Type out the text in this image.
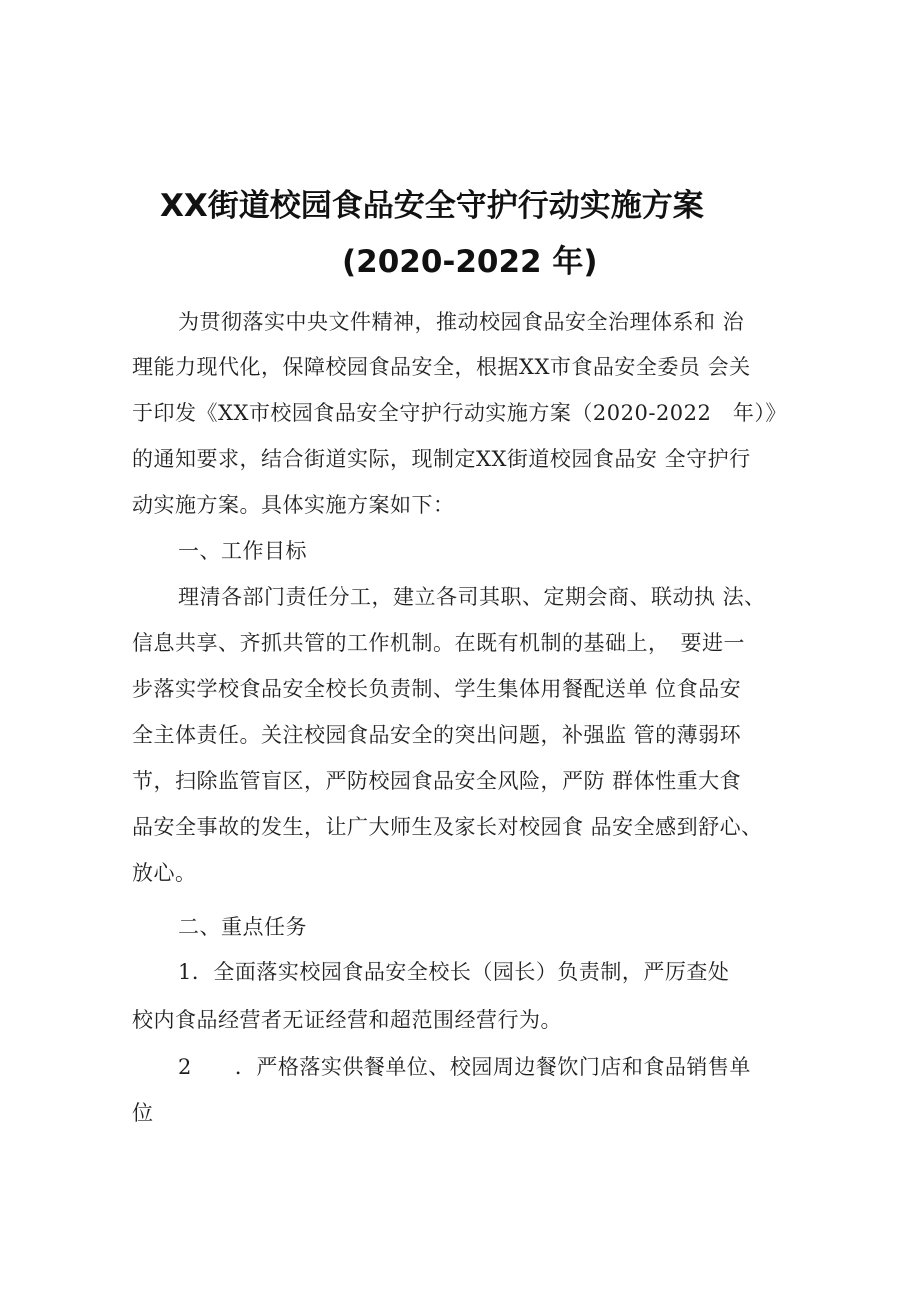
XX街道校园食品安全守护行动实施方案
(2020-2022 年)
为贯彻落实中央文件精神，推动校园食品安全治理体系和 治
理能力现代化，保障校园食品安全，根据XX市食品安全委员 会关
于印发《XX市校园食品安全守护行动实施方案（2020-2022　年）》
的通知要求，结合街道实际，现制定XX街道校园食品安 全守护行
动实施方案。具体实施方案如下：
一、工作目标
理清各部门责任分工，建立各司其职、定期会商、联动执 法、
信息共享、齐抓共管的工作机制。在既有机制的基础上，　要进一
步落实学校食品安全校长负责制、学生集体用餐配送单 位食品安
全主体责任。关注校园食品安全的突出问题，补强监 管的薄弱环
节，扫除监管盲区，严防校园食品安全风险，严防 群体性重大食
品安全事故的发生，让广大师生及家长对校园食 品安全感到舒心、
放心。
二、重点任务
1．全面落实校园食品安全校长（园长）负责制，严厉查处
校内食品经营者无证经营和超范围经营行为。
2　　．严格落实供餐单位、校园周边餐饮门店和食品销售单
位
